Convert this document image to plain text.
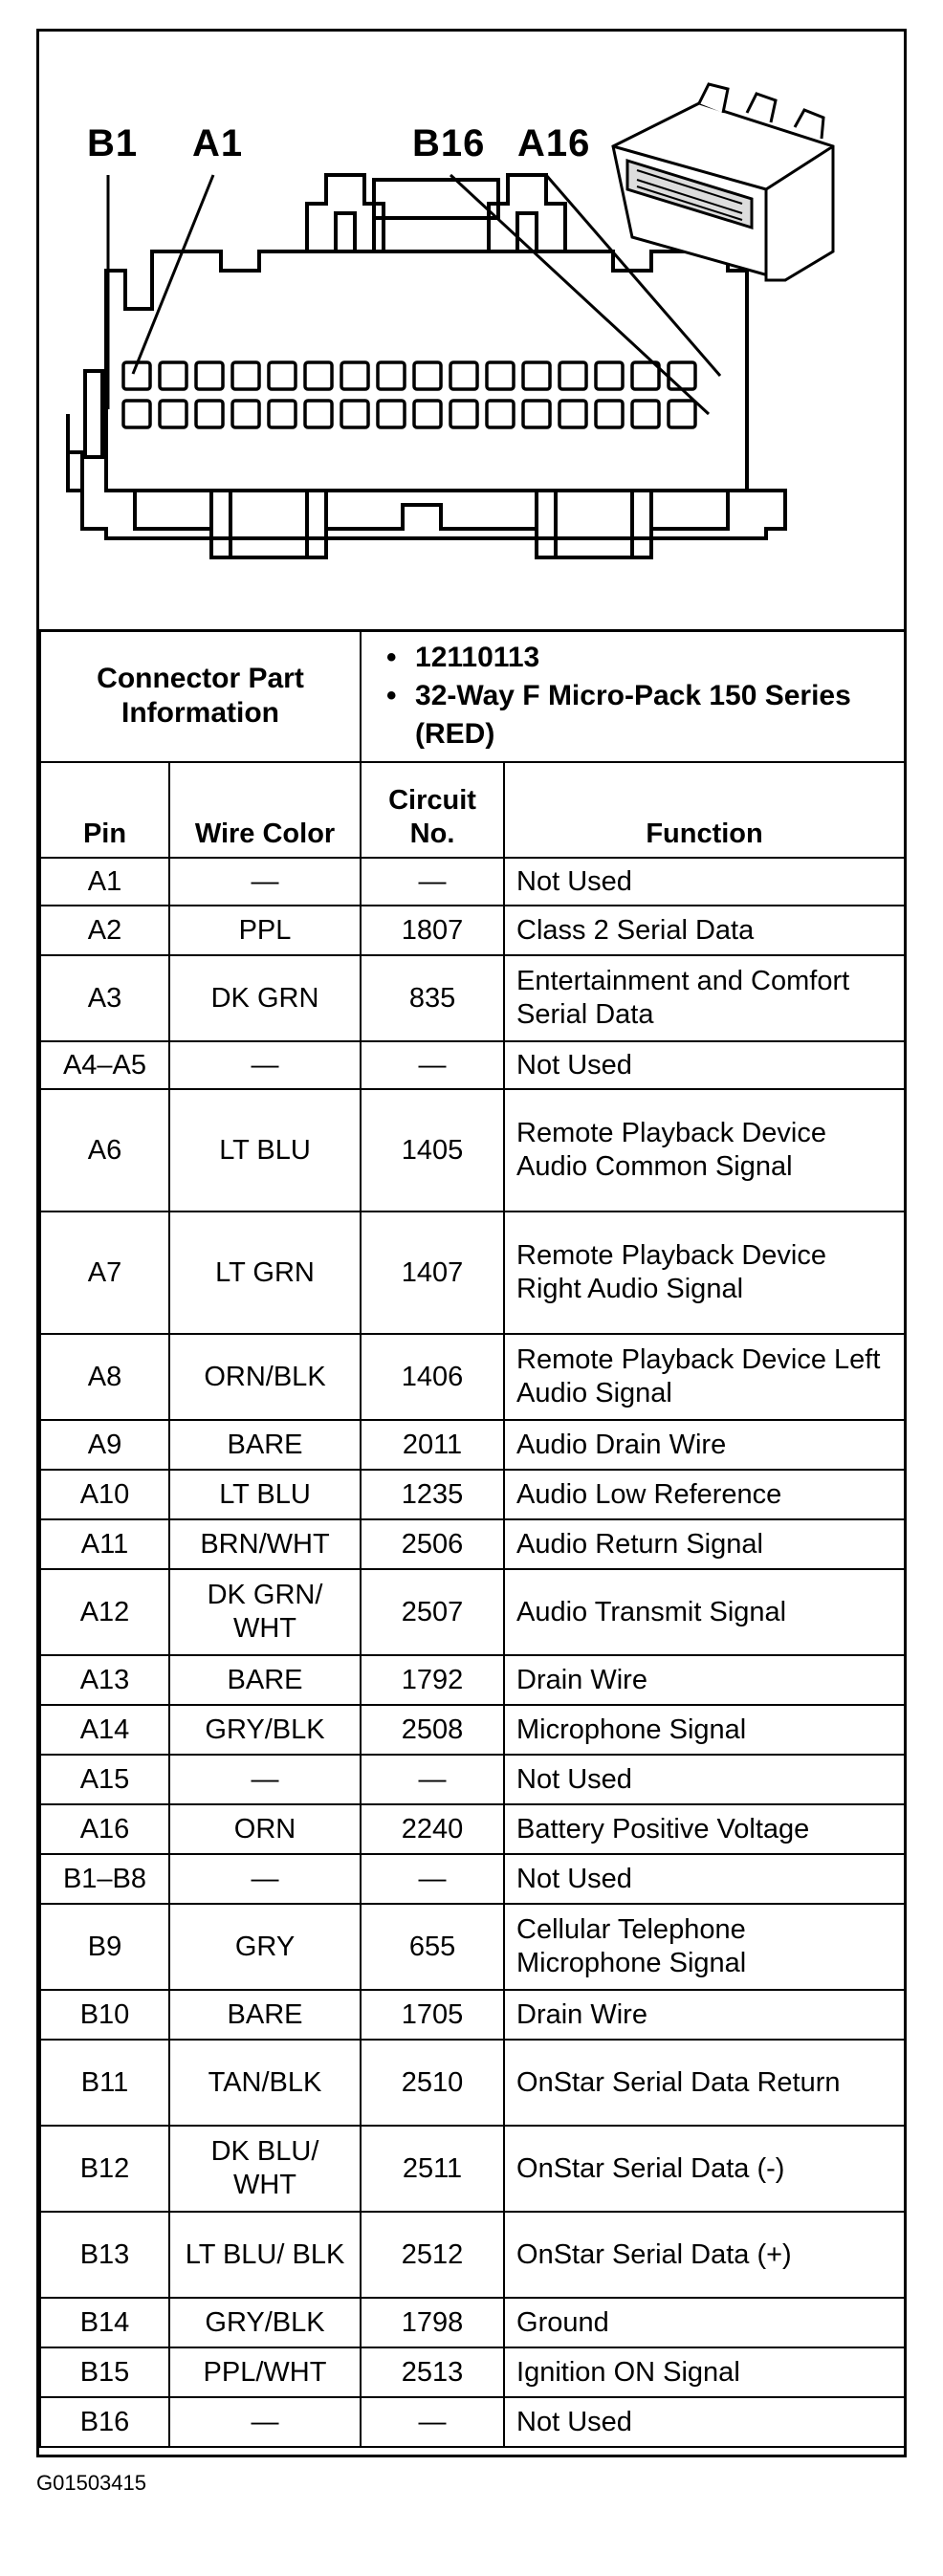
B1 A1	B16 A16
Connector Part Information		• 12110113
• 32-Way F Micro-Pack 150 Series (RED)

Pin	Wire Color	Circuit No.	Function
A1	—	—	Not Used
A2	PPL	1807	Class 2 Serial Data
A3	DK GRN	835	Entertainment and Comfort Serial Data
A4–A5	—	—	Not Used
A6	LT BLU	1405	Remote Playback Device Audio Common Signal
A7	LT GRN	1407	Remote Playback Device Right Audio Signal
A8	ORN/BLK	1406	Remote Playback Device Left Audio Signal
A9	BARE	2011	Audio Drain Wire
A10	LT BLU	1235	Audio Low Reference
A11	BRN/WHT	2506	Audio Return Signal
A12	DK GRN/ WHT	2507	Audio Transmit Signal
A13	BARE	1792	Drain Wire
A14	GRY/BLK	2508	Microphone Signal
A15	—	—	Not Used
A16	ORN	2240	Battery Positive Voltage
B1–B8	—	—	Not Used
B9	GRY	655	Cellular Telephone Microphone Signal
B10	BARE	1705	Drain Wire
B11	TAN/BLK	2510	OnStar Serial Data Return
B12	DK BLU/ WHT	2511	OnStar Serial Data (-)
B13	LT BLU/ BLK	2512	OnStar Serial Data (+)
B14	GRY/BLK	1798	Ground
B15	PPL/WHT	2513	Ignition ON Signal
B16	—	—	Not Used
G01503415
